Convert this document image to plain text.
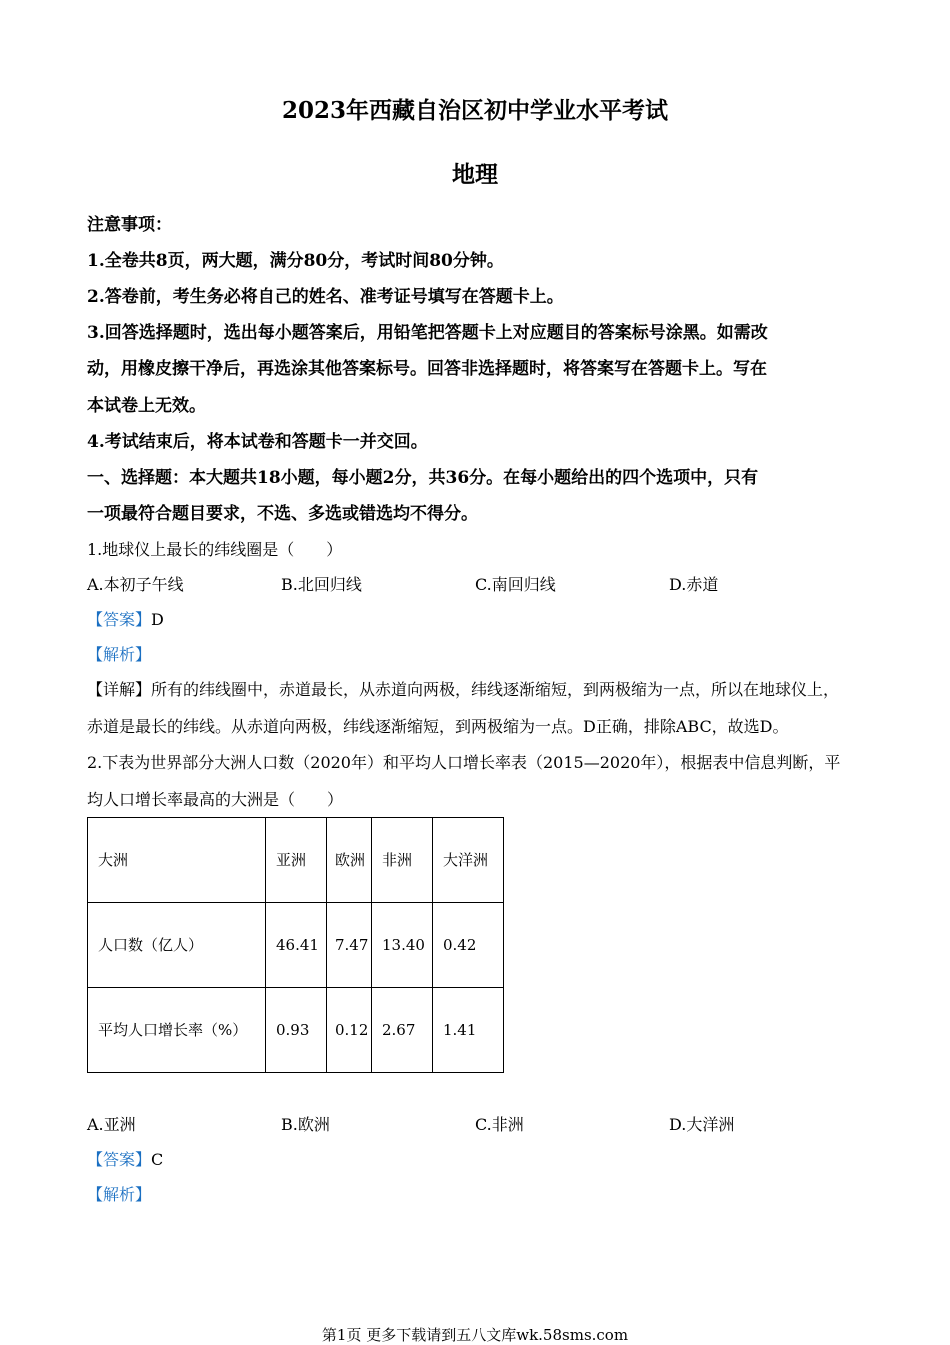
2023年西藏自治区初中学业水平考试
地理
注意事项：
1.全卷共8页，两大题，满分80分，考试时间80分钟。
2.答卷前，考生务必将自己的姓名、准考证号填写在答题卡上。
3.回答选择题时，选出每小题答案后，用铅笔把答题卡上对应题目的答案标号涂黑。如需改
动，用橡皮擦干净后，再选涂其他答案标号。回答非选择题时，将答案写在答题卡上。写在
本试卷上无效。
4.考试结束后，将本试卷和答题卡一并交回。
一、选择题：本大题共18小题，每小题2分，共36分。在每小题给出的四个选项中，只有
一项最符合题目要求，不选、多选或错选均不得分。
1.地球仪上最长的纬线圈是（　　）
A.本初子午线	B.北回归线	C.南回归线	D.赤道
【答案】D
【解析】
【详解】所有的纬线圈中，赤道最长，从赤道向两极，纬线逐渐缩短，到两极缩为一点，所以在地球仪上，
赤道是最长的纬线。从赤道向两极，纬线逐渐缩短，到两极缩为一点。D正确，排除ABC，故选D。
2.下表为世界部分大洲人口数（2020年）和平均人口增长率表（2015—2020年），根据表中信息判断，平
均人口增长率最高的大洲是（　　）
大洲	亚洲	欧洲	非洲	大洋洲
人口数（亿人）	46.41	7.47	13.40	0.42
平均人口增长率（%）	0.93	0.12	2.67	1.41
A.亚洲	B.欧洲	C.非洲	D.大洋洲
【答案】C
【解析】
第1页 更多下载请到五八文库wk.58sms.com
